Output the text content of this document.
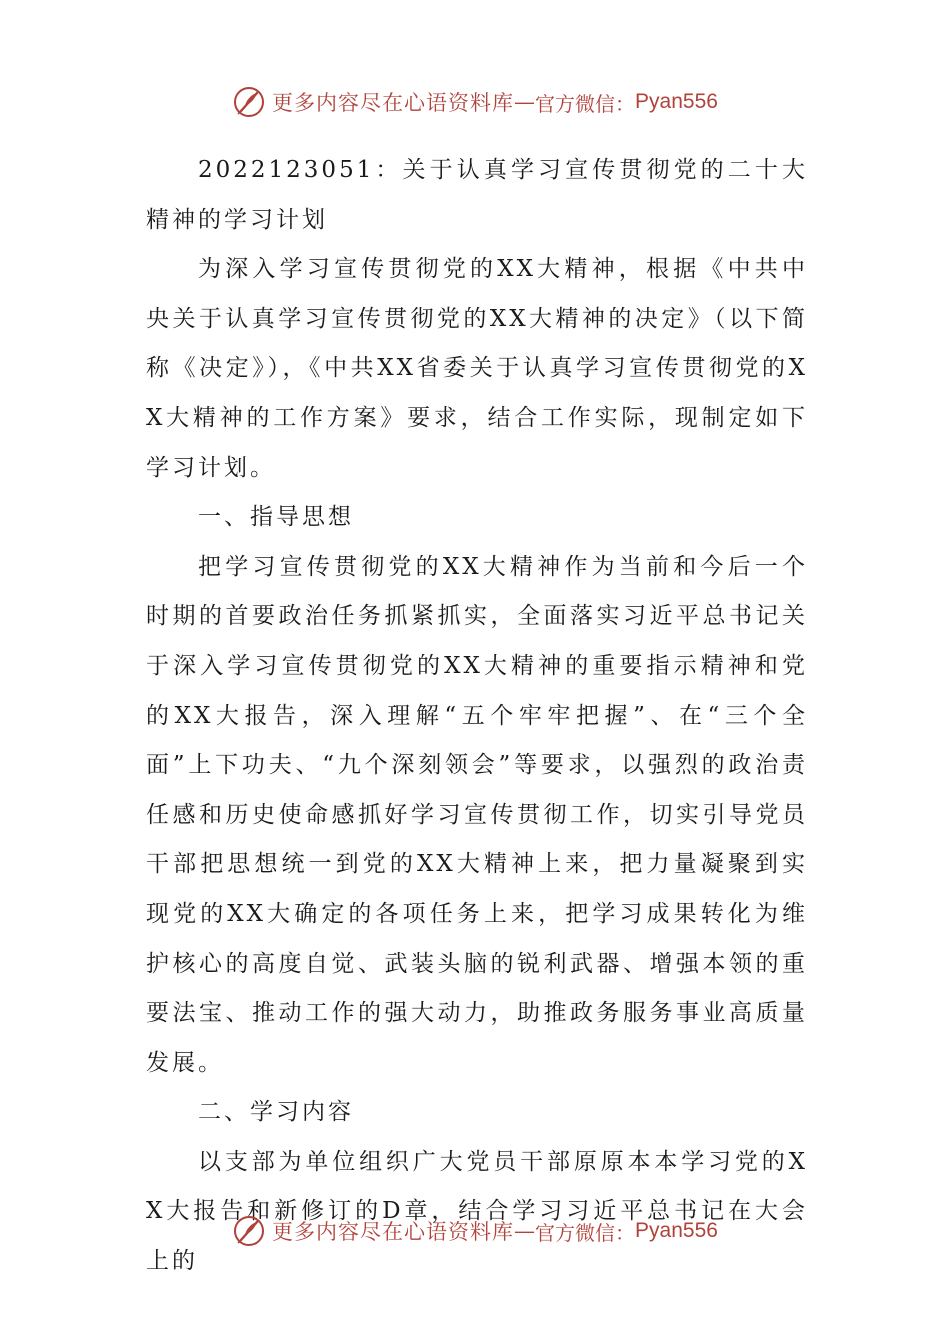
更多内容尽在心语资料库 — 官方微信： Pyan556

2022123051：关于认真学习宣传贯彻党的二十大精神的学习计划

为深入学习宣传贯彻党的XX大精神，根据《中共中央关于认真学习宣传贯彻党的XX大精神的决定》（以下简称《决定》），《中共XX省委关于认真学习宣传贯彻党的XX大精神的工作方案》要求，结合工作实际，现制定如下学习计划。

一、指导思想

把学习宣传贯彻党的XX大精神作为当前和今后一个时期的首要政治任务抓紧抓实，全面落实习近平总书记关于深入学习宣传贯彻党的XX大精神的重要指示精神和党的XX大报告，深入理解“五个牢牢把握”、在“三个全面”上下功夫、“九个深刻领会”等要求，以强烈的政治责任感和历史使命感抓好学习宣传贯彻工作，切实引导党员干部把思想统一到党的XX大精神上来，把力量凝聚到实现党的XX大确定的各项任务上来，把学习成果转化为维护核心的高度自觉、武装头脑的锐利武器、增强本领的重要法宝、推动工作的强大动力，助推政务服务事业高质量发展。

二、学习内容

以支部为单位组织广大党员干部原原本本学习党的XX大报告和新修订的D章，结合学习习近平总书记在大会上的

更多内容尽在心语资料库 — 官方微信： Pyan556
